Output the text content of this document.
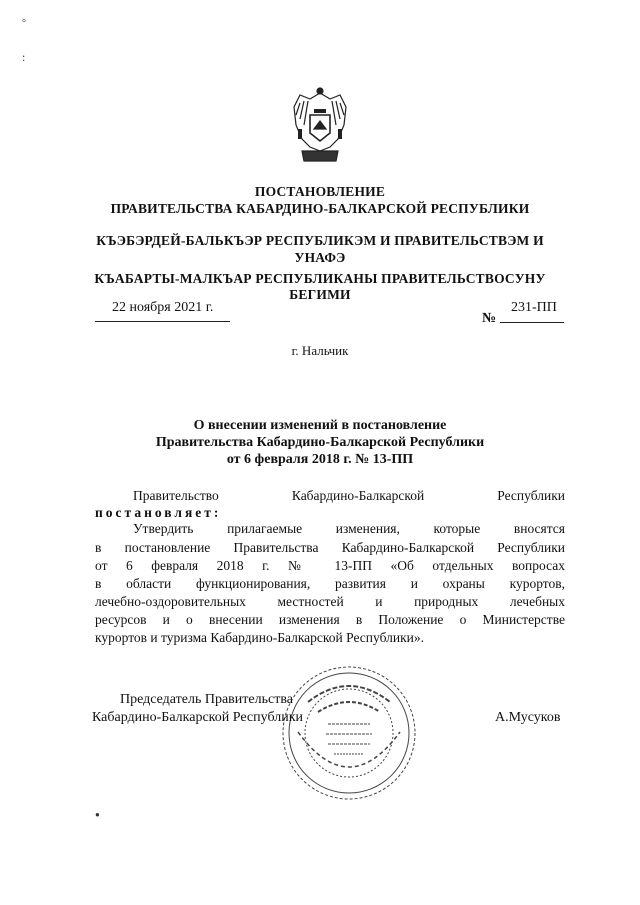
°
:
ПОСТАНОВЛЕНИЕ
ПРАВИТЕЛЬСТВА КАБАРДИНО-БАЛКАРСКОЙ РЕСПУБЛИКИ
КЪЭБЭРДЕЙ-БАЛЬКЪЭР РЕСПУБЛИКЭМ И ПРАВИТЕЛЬСТВЭМ И
УНАФЭ
КЪАБАРТЫ-МАЛКЪАР РЕСПУБЛИКАНЫ ПРАВИТЕЛЬСТВОСУНУ
БЕГИМИ
22 ноября 2021 г.
№
231-ПП
г. Нальчик
О внесении изменений в постановление
Правительства Кабардино-Балкарской Республики
от 6 февраля 2018 г. № 13-ПП
Правительство Кабардино-Балкарской Республики
постановляет:
Утвердить прилагаемые изменения, которые вносятся
в постановление Правительства Кабардино-Балкарской Республики
от 6 февраля 2018 г. № 13-ПП «Об отдельных вопросах
в области функционирования, развития и охраны курортов,
лечебно-оздоровительных местностей и природных лечебных
ресурсов и о внесении изменения в Положение о Министерстве
курортов и туризма Кабардино-Балкарской Республики».
Председатель Правительства
Кабардино-Балкарской Республики	А.Мусуков
●
